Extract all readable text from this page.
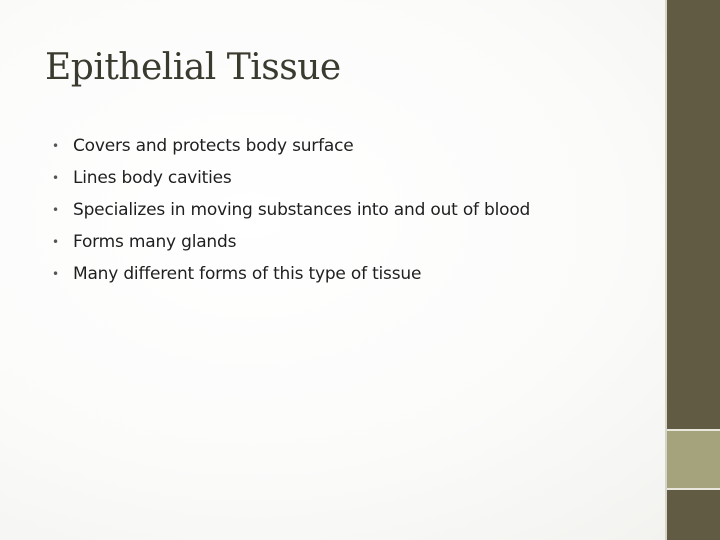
Epithelial Tissue
• Covers and protects body surface
• Lines body cavities
• Specializes in moving substances into and out of blood
• Forms many glands
• Many different forms of this type of tissue
